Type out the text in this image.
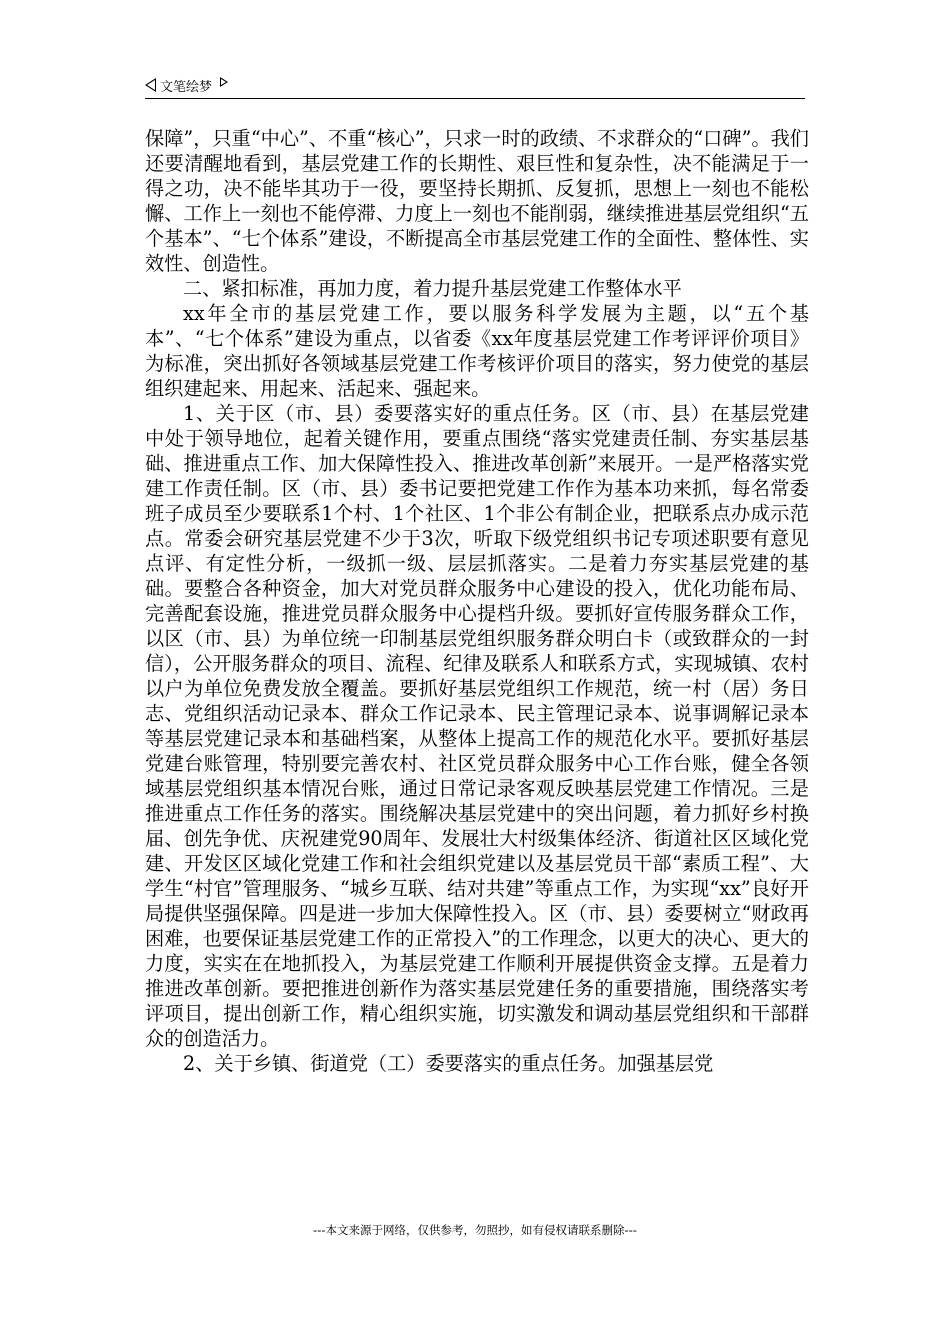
文笔绘梦

保障”，只重“中心”、不重“核心”，只求一时的政绩、不求群众的“口碑”。我们还要清醒地看到，基层党建工作的长期性、艰巨性和复杂性，决不能满足于一得之功，决不能毕其功于一役，要坚持长期抓、反复抓，思想上一刻也不能松懈、工作上一刻也不能停滞、力度上一刻也不能削弱，继续推进基层党组织“五个基本”、“七个体系”建设，不断提高全市基层党建工作的全面性、整体性、实效性、创造性。

二、紧扣标准，再加力度，着力提升基层党建工作整体水平

xx年全市的基层党建工作，要以服务科学发展为主题，以“五个基本”、“七个体系”建设为重点，以省委《xx年度基层党建工作考评评价项目》为标准，突出抓好各领域基层党建工作考核评价项目的落实，努力使党的基层组织建起来、用起来、活起来、强起来。

1、关于区（市、县）委要落实好的重点任务。区（市、县）在基层党建中处于领导地位，起着关键作用，要重点围绕“落实党建责任制、夯实基层基础、推进重点工作、加大保障性投入、推进改革创新”来展开。一是严格落实党建工作责任制。区（市、县）委书记要把党建工作作为基本功来抓，每名常委班子成员至少要联系1个村、1个社区、1个非公有制企业，把联系点办成示范点。常委会研究基层党建不少于3次，听取下级党组织书记专项述职要有意见点评、有定性分析，一级抓一级、层层抓落实。二是着力夯实基层党建的基础。要整合各种资金，加大对党员群众服务中心建设的投入，优化功能布局、完善配套设施，推进党员群众服务中心提档升级。要抓好宣传服务群众工作，以区（市、县）为单位统一印制基层党组织服务群众明白卡（或致群众的一封信），公开服务群众的项目、流程、纪律及联系人和联系方式，实现城镇、农村以户为单位免费发放全覆盖。要抓好基层党组织工作规范，统一村（居）务日志、党组织活动记录本、群众工作记录本、民主管理记录本、说事调解记录本等基层党建记录本和基础档案，从整体上提高工作的规范化水平。要抓好基层党建台账管理，特别要完善农村、社区党员群众服务中心工作台账，健全各领域基层党组织基本情况台账，通过日常记录客观反映基层党建工作情况。三是推进重点工作任务的落实。围绕解决基层党建中的突出问题，着力抓好乡村换届、创先争优、庆祝建党90周年、发展壮大村级集体经济、街道社区区域化党建、开发区区域化党建工作和社会组织党建以及基层党员干部“素质工程”、大学生“村官”管理服务、“城乡互联、结对共建”等重点工作，为实现“xx”良好开局提供坚强保障。四是进一步加大保障性投入。区（市、县）委要树立“财政再困难，也要保证基层党建工作的正常投入”的工作理念，以更大的决心、更大的力度，实实在在地抓投入，为基层党建工作顺利开展提供资金支撑。五是着力推进改革创新。要把推进创新作为落实基层党建任务的重要措施，围绕落实考评项目，提出创新工作，精心组织实施，切实激发和调动基层党组织和干部群众的创造活力。

2、关于乡镇、街道党（工）委要落实的重点任务。加强基层党

---本文来源于网络，仅供参考，勿照抄，如有侵权请联系删除---
